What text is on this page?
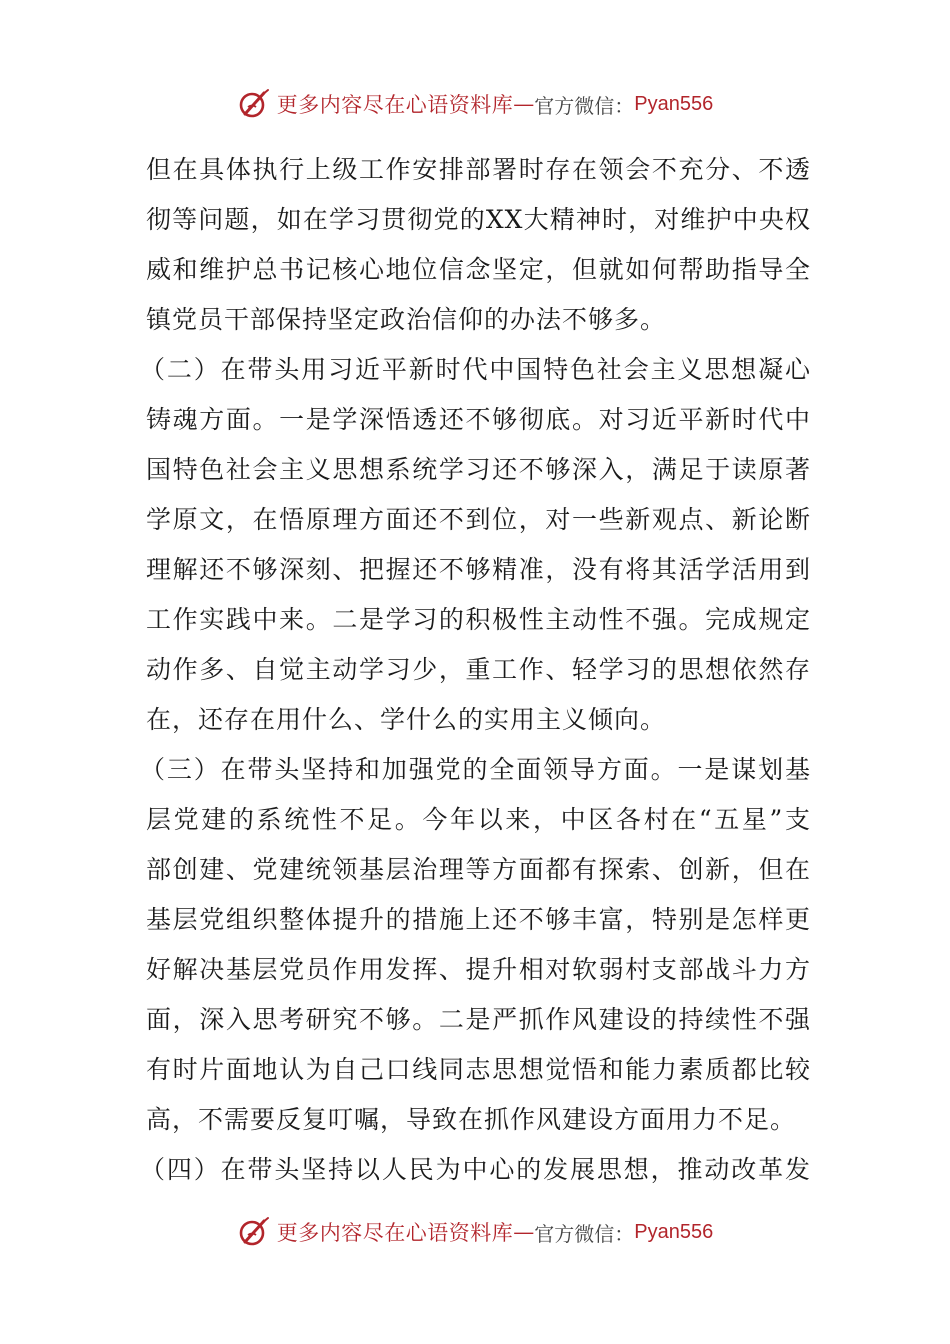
更多内容尽在心语资料库 — 官方微信： Pyan556
但在具体执行上级工作安排部署时存在领会不充分、不透
彻等问题，如在学习贯彻党的XX大精神时，对维护中央权
威和维护总书记核心地位信念坚定，但就如何帮助指导全
镇党员干部保持坚定政治信仰的办法不够多。
（二）在带头用习近平新时代中国特色社会主义思想凝心
铸魂方面。一是学深悟透还不够彻底。对习近平新时代中
国特色社会主义思想系统学习还不够深入，满足于读原著
学原文，在悟原理方面还不到位，对一些新观点、新论断
理解还不够深刻、把握还不够精准，没有将其活学活用到
工作实践中来。二是学习的积极性主动性不强。完成规定
动作多、自觉主动学习少，重工作、轻学习的思想依然存
在，还存在用什么、学什么的实用主义倾向。
（三）在带头坚持和加强党的全面领导方面。一是谋划基
层党建的系统性不足。今年以来，中区各村在“五星”支
部创建、党建统领基层治理等方面都有探索、创新，但在
基层党组织整体提升的措施上还不够丰富，特别是怎样更
好解决基层党员作用发挥、提升相对软弱村支部战斗力方
面，深入思考研究不够。二是严抓作风建设的持续性不强
有时片面地认为自己口线同志思想觉悟和能力素质都比较
高，不需要反复叮嘱，导致在抓作风建设方面用力不足。
（四）在带头坚持以人民为中心的发展思想，推动改革发
更多内容尽在心语资料库 — 官方微信： Pyan556
